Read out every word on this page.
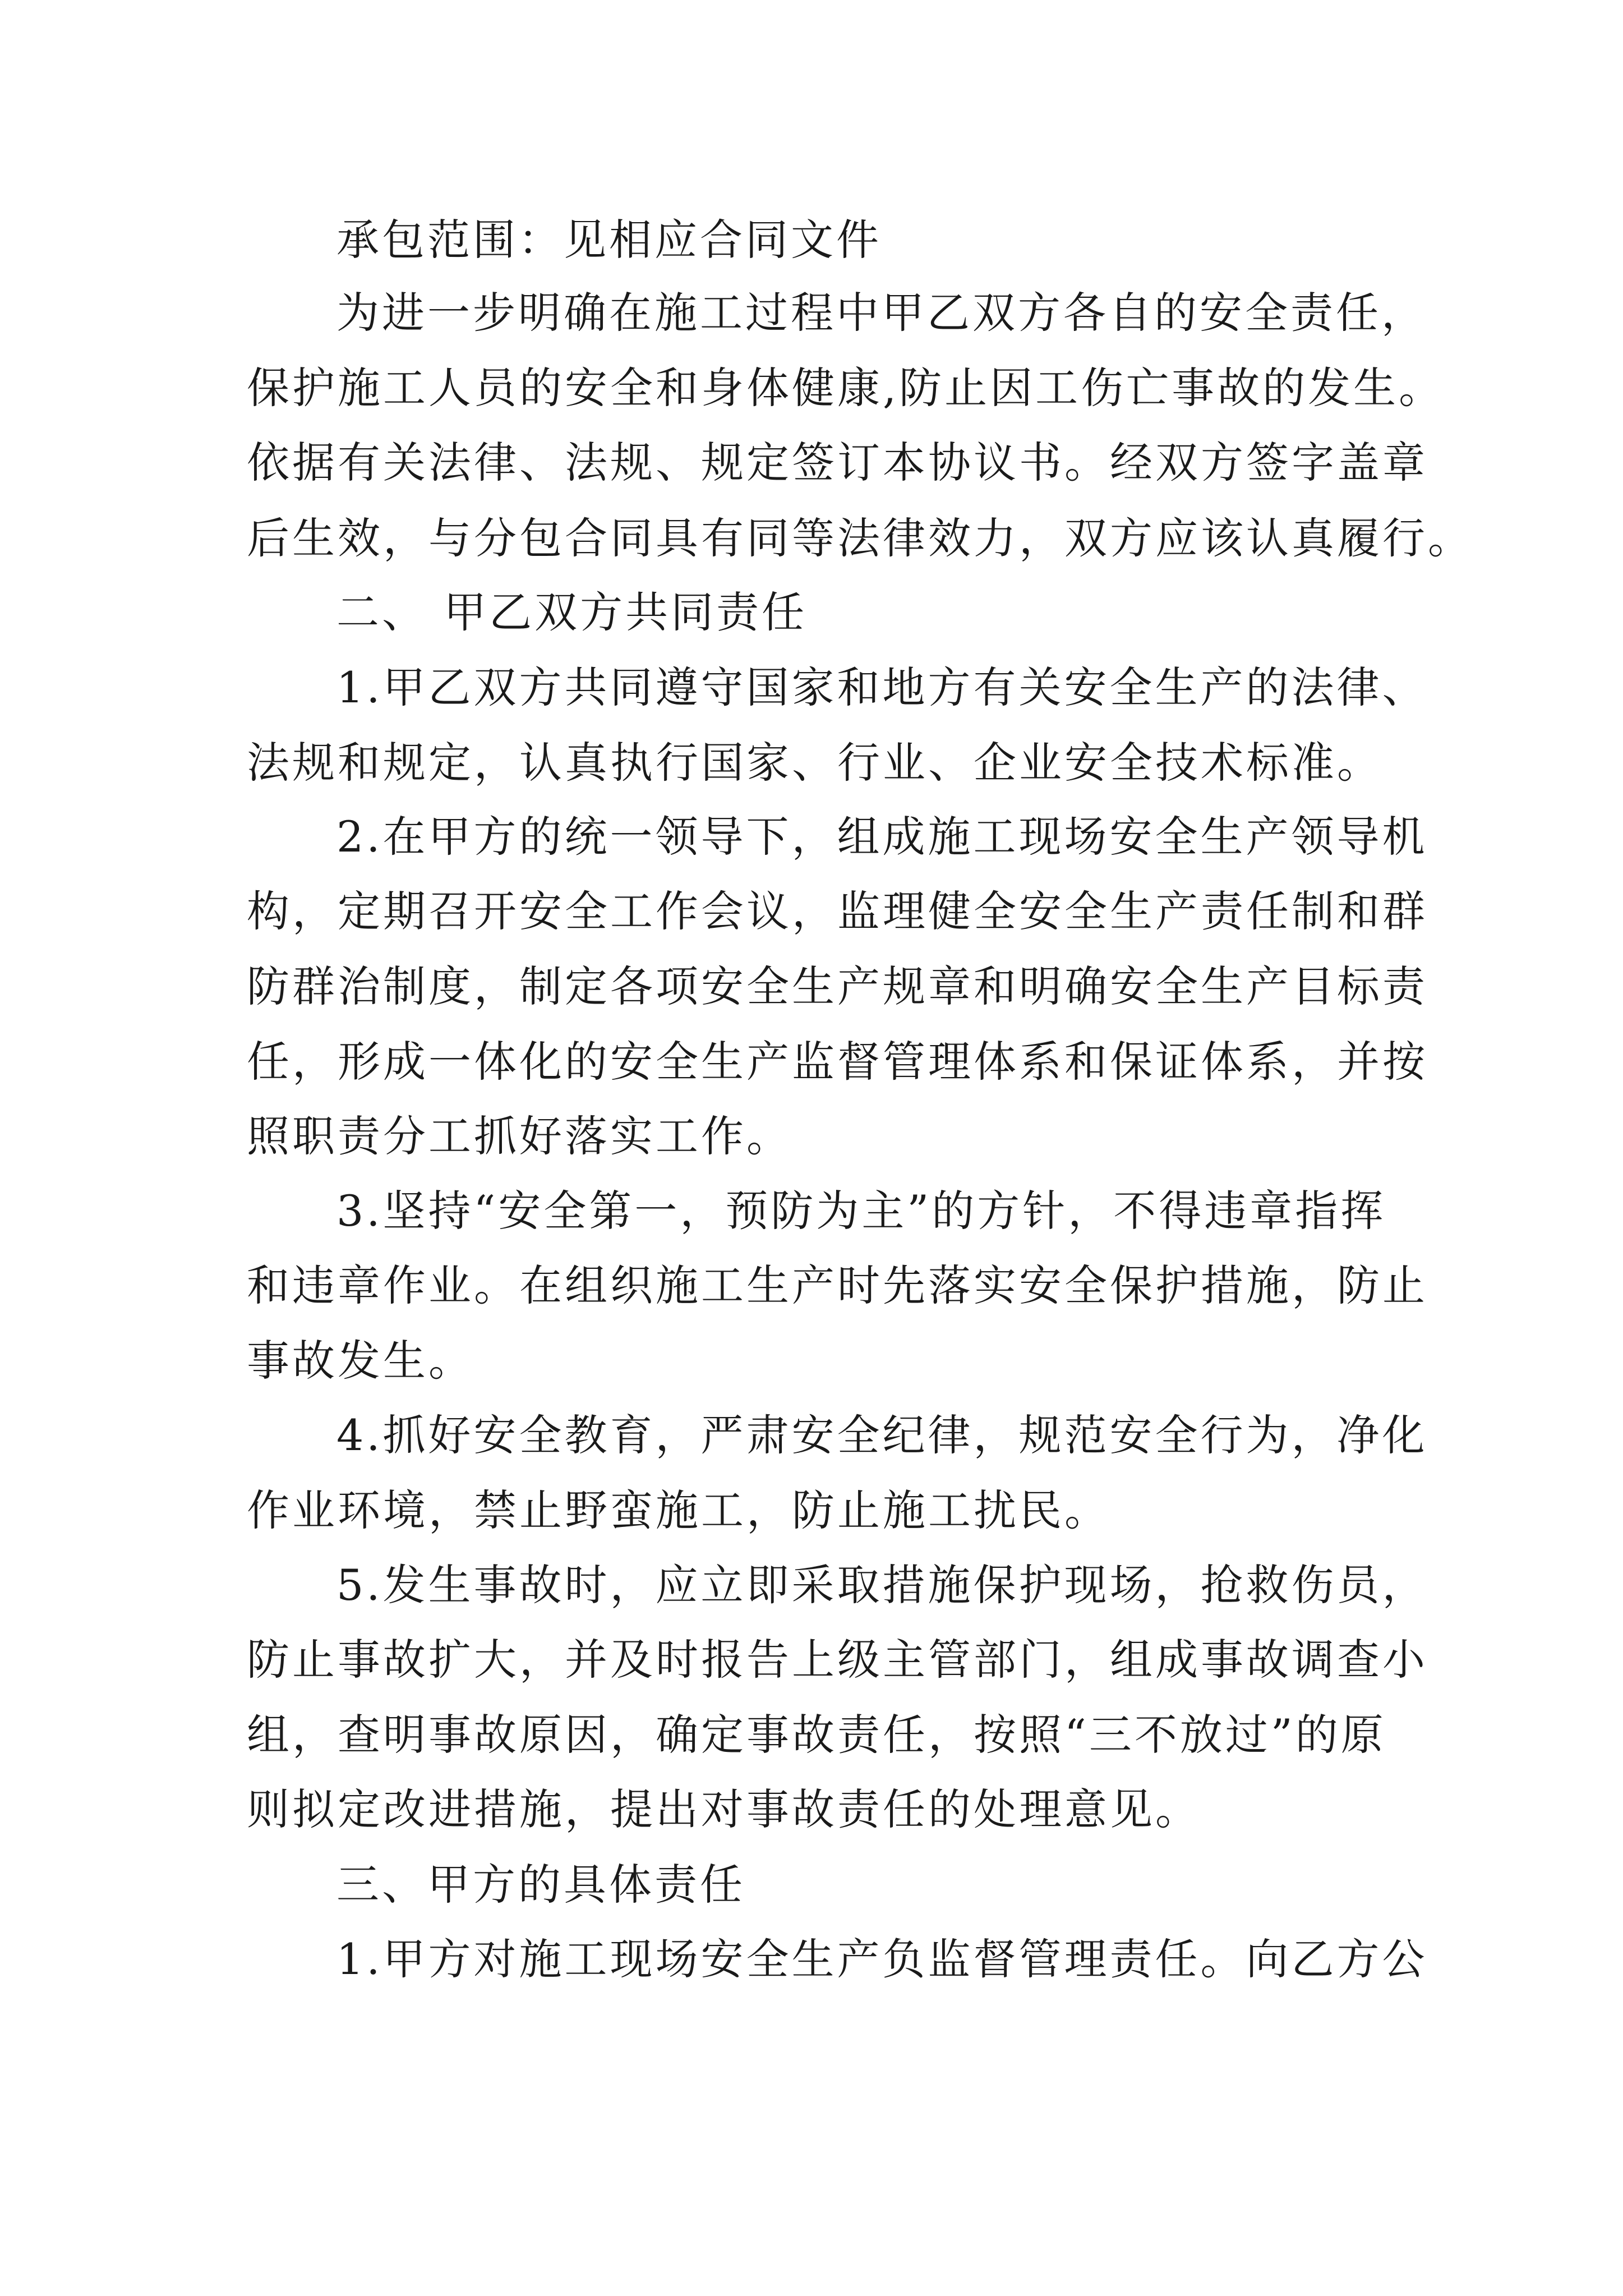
承包范围：见相应合同文件
为进一步明确在施工过程中甲乙双方各自的安全责任，
保护施工人员的安全和身体健康,防止因工伤亡事故的发生。
依据有关法律、法规、规定签订本协议书。经双方签字盖章
后生效，与分包合同具有同等法律效力，双方应该认真履行。
二、 甲乙双方共同责任
1.甲乙双方共同遵守国家和地方有关安全生产的法律、
法规和规定，认真执行国家、行业、企业安全技术标准。
2.在甲方的统一领导下，组成施工现场安全生产领导机
构，定期召开安全工作会议，监理健全安全生产责任制和群
防群治制度，制定各项安全生产规章和明确安全生产目标责
任，形成一体化的安全生产监督管理体系和保证体系，并按
照职责分工抓好落实工作。
3.坚持“安全第一，预防为主”的方针，不得违章指挥
和违章作业。在组织施工生产时先落实安全保护措施，防止
事故发生。
4.抓好安全教育，严肃安全纪律，规范安全行为，净化
作业环境，禁止野蛮施工，防止施工扰民。
5.发生事故时，应立即采取措施保护现场，抢救伤员，
防止事故扩大，并及时报告上级主管部门，组成事故调查小
组，查明事故原因，确定事故责任，按照“三不放过”的原
则拟定改进措施，提出对事故责任的处理意见。
三、甲方的具体责任
1.甲方对施工现场安全生产负监督管理责任。向乙方公
